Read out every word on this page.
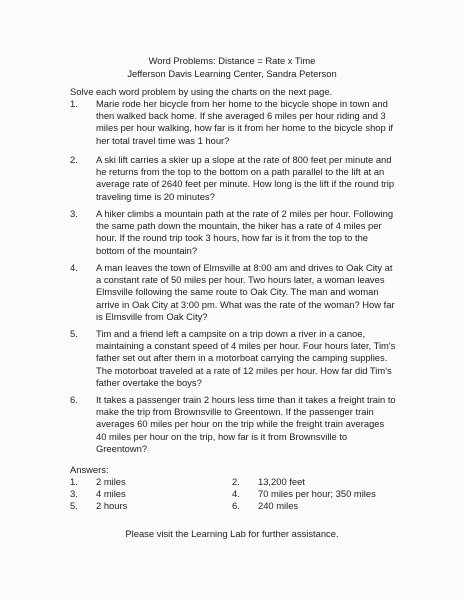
Word Problems: Distance = Rate x Time
Jefferson Davis Learning Center, Sandra Peterson
Solve each word problem by using the charts on the next page.
1.	Marie rode her bicycle from her home to the bicycle shope in town and then walked back home. If she averaged 6 miles per hour riding and 3 miles per hour walking, how far is it from her home to the bicycle shop if her total travel time was 1 hour?
2.	A ski lift carries a skier up a slope at the rate of 800 feet per minute and he returns from the top to the bottom on a path parallel to the lift at an average rate of 2640 feet per minute. How long is the lift if the round trip traveling time is 20 minutes?
3.	A hiker climbs a mountain path at the rate of 2 miles per hour. Following the same path down the mountain, the hiker has a rate of 4 miles per hour. If the round trip took 3 hours, how far is it from the top to the bottom of the mountain?
4.	A man leaves the town of Elmsville at 8:00 am and drives to Oak City at a constant rate of 50 miles per hour. Two hours later, a woman leaves Elmsville following the same route to Oak City. The man and woman arrive in Oak City at 3:00 pm. What was the rate of the woman? How far is Elmsville from Oak City?
5.	Tim and a friend left a campsite on a trip down a river in a canoe, maintaining a constant speed of 4 miles per hour. Four hours later, Tim's father set out after them in a motorboat carrying the camping supplies. The motorboat traveled at a rate of 12 miles per hour. How far did Tim's father overtake the boys?
6.	It takes a passenger train 2 hours less time than it takes a freight train to make the trip from Brownsville to Greentown. If the passenger train averages 60 miles per hour on the trip while the freight train averages 40 miles per hour on the trip, how far is it from Brownsville to Greentown?
Answers:
1. 2 miles	2. 13,200 feet
3. 4 miles	4. 70 miles per hour; 350 miles
5. 2 hours	6. 240 miles
Please visit the Learning Lab for further assistance.
